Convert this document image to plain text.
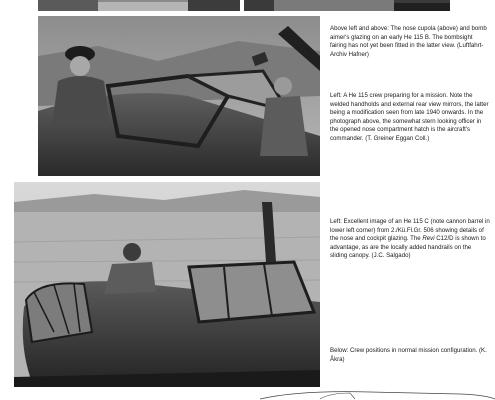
Above left and above: The nose cupola (above) and bomb aimer's glazing on an early He 115 B. The bombsight fairing has not yet been fitted in the latter view. (Luftfahrt-Archiv Hafner)

Left: A He 115 crew preparing for a mission. Note the welded handholds and external rear view mirrors, the latter being a modification seen from late 1940 onwards. In the photograph above, the somewhat stern looking officer in the opened nose compartment hatch is the aircraft's commander. (T. Greiner Eggan Coll.)

Left: Excellent image of an He 115 C (note cannon barrel in lower left corner) from 2./Kü.Fl.Gr. 506 showing details of the nose and cockpit glazing. The Revi C12/D is shown to advantage, as are the locally added handrails on the sliding canopy. (J.C. Salgado)

Below: Crew positions in normal mission configuration. (K. Åkra)
